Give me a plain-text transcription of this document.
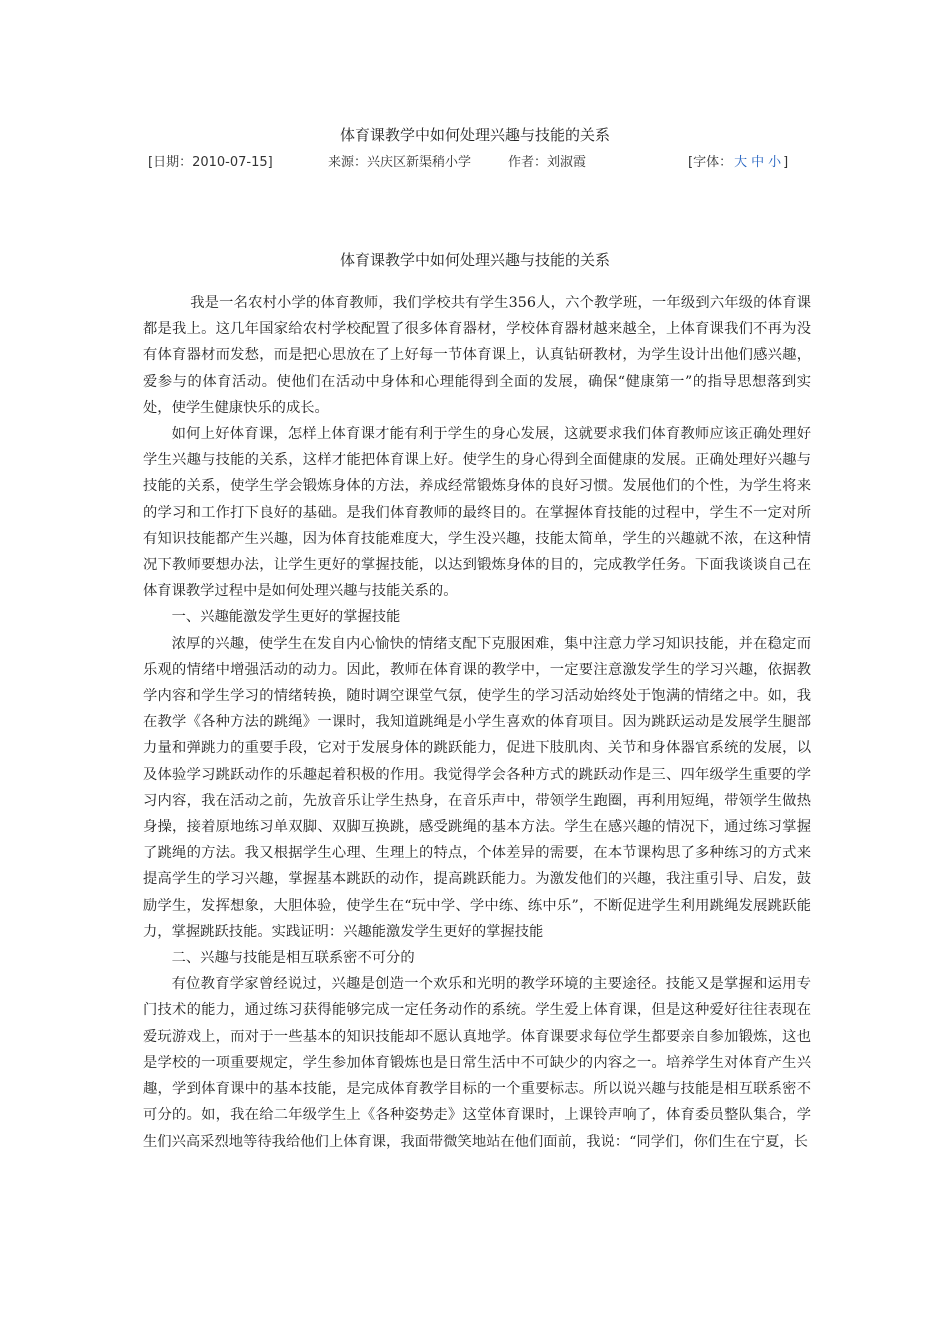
体育课教学中如何处理兴趣与技能的关系
[日期：2010-07-15]	来源：兴庆区新渠稍小学	作者：刘淑霞	[字体： 大 中 小 ]
体育课教学中如何处理兴趣与技能的关系

我是一名农村小学的体育教师，我们学校共有学生356人，六个教学班，一年级到六年级的体育课都是我上。这几年国家给农村学校配置了很多体育器材，学校体育器材越来越全，上体育课我们不再为没有体育器材而发愁，而是把心思放在了上好每一节体育课上，认真钻研教材，为学生设计出他们感兴趣，爱参与的体育活动。使他们在活动中身体和心理能得到全面的发展，确保“健康第一”的指导思想落到实处，使学生健康快乐的成长。

如何上好体育课，怎样上体育课才能有利于学生的身心发展，这就要求我们体育教师应该正确处理好学生兴趣与技能的关系，这样才能把体育课上好。使学生的身心得到全面健康的发展。正确处理好兴趣与技能的关系，使学生学会锻炼身体的方法，养成经常锻炼身体的良好习惯。发展他们的个性，为学生将来的学习和工作打下良好的基础。是我们体育教师的最终目的。在掌握体育技能的过程中，学生不一定对所有知识技能都产生兴趣，因为体育技能难度大，学生没兴趣，技能太简单，学生的兴趣就不浓，在这种情况下教师要想办法，让学生更好的掌握技能，以达到锻炼身体的目的，完成教学任务。下面我谈谈自己在体育课教学过程中是如何处理兴趣与技能关系的。

一、兴趣能激发学生更好的掌握技能

浓厚的兴趣，使学生在发自内心愉快的情绪支配下克服困难，集中注意力学习知识技能，并在稳定而乐观的情绪中增强活动的动力。因此，教师在体育课的教学中，一定要注意激发学生的学习兴趣，依据教学内容和学生学习的情绪转换，随时调空课堂气氛，使学生的学习活动始终处于饱满的情绪之中。如，我在教学《各种方法的跳绳》一课时，我知道跳绳是小学生喜欢的体育项目。因为跳跃运动是发展学生腿部力量和弹跳力的重要手段，它对于发展身体的跳跃能力，促进下肢肌肉、关节和身体器官系统的发展，以及体验学习跳跃动作的乐趣起着积极的作用。我觉得学会各种方式的跳跃动作是三、四年级学生重要的学习内容，我在活动之前，先放音乐让学生热身，在音乐声中，带领学生跑圈，再利用短绳，带领学生做热身操，接着原地练习单双脚、双脚互换跳，感受跳绳的基本方法。学生在感兴趣的情况下，通过练习掌握了跳绳的方法。我又根据学生心理、生理上的特点，个体差异的需要，在本节课构思了多种练习的方式来提高学生的学习兴趣，掌握基本跳跃的动作，提高跳跃能力。为激发他们的兴趣，我注重引导、启发，鼓励学生，发挥想象，大胆体验，使学生在“玩中学、学中练、练中乐”，不断促进学生利用跳绳发展跳跃能力，掌握跳跃技能。实践证明：兴趣能激发学生更好的掌握技能

二、兴趣与技能是相互联系密不可分的

有位教育学家曾经说过，兴趣是创造一个欢乐和光明的教学环境的主要途径。技能又是掌握和运用专门技术的能力，通过练习获得能够完成一定任务动作的系统。学生爱上体育课，但是这种爱好往往表现在爱玩游戏上，而对于一些基本的知识技能却不愿认真地学。体育课要求每位学生都要亲自参加锻炼，这也是学校的一项重要规定，学生参加体育锻炼也是日常生活中不可缺少的内容之一。培养学生对体育产生兴趣，学到体育课中的基本技能，是完成体育教学目标的一个重要标志。所以说兴趣与技能是相互联系密不可分的。如，我在给二年级学生上《各种姿势走》这堂体育课时，上课铃声响了，体育委员整队集合，学生们兴高采烈地等待我给他们上体育课，我面带微笑地站在他们面前，我说：“同学们，你们生在宁夏，长
